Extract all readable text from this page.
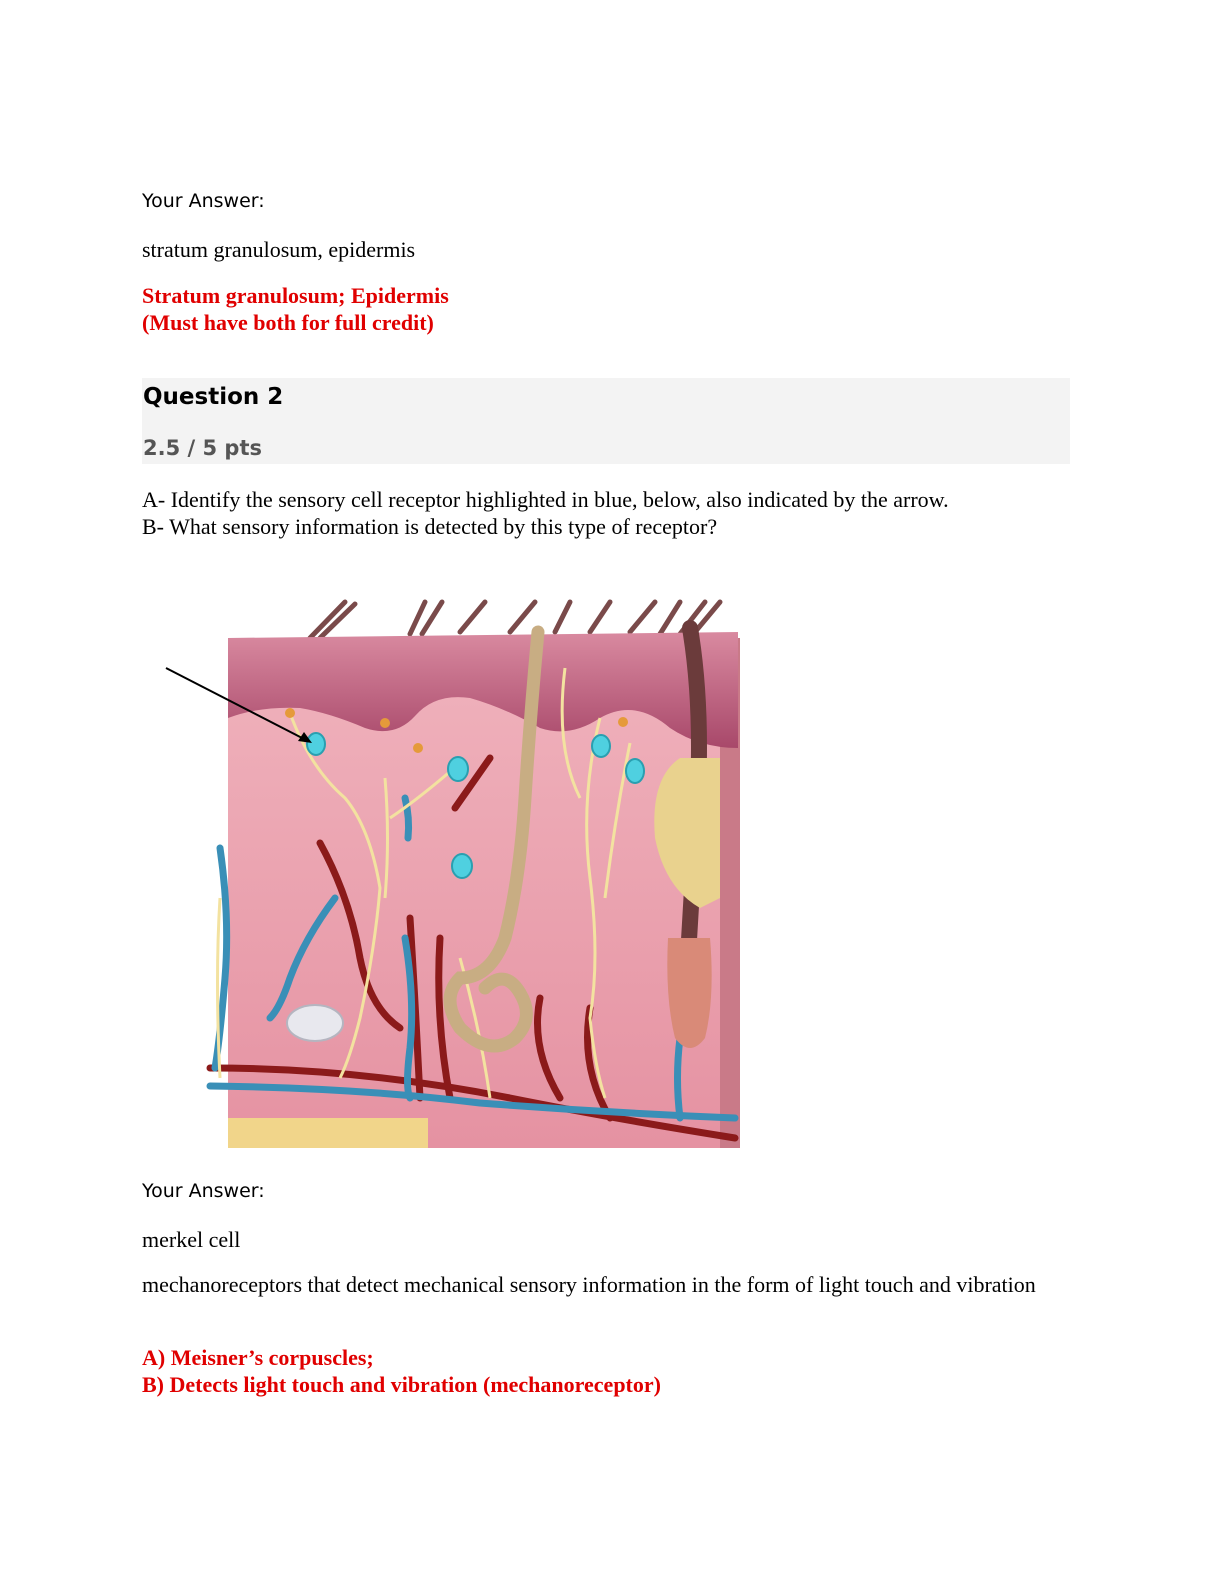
Your Answer:
stratum granulosum, epidermis
Stratum granulosum; Epidermis
(Must have both for full credit)
Question 2
2.5 / 5 pts
A- Identify the sensory cell receptor highlighted in blue, below, also indicated by the arrow.
B- What sensory information is detected by this type of receptor?
Your Answer:
merkel cell
mechanoreceptors that detect mechanical sensory information in the form of light touch and vibration
A) Meisner’s corpuscles;
B) Detects light touch and vibration (mechanoreceptor)
